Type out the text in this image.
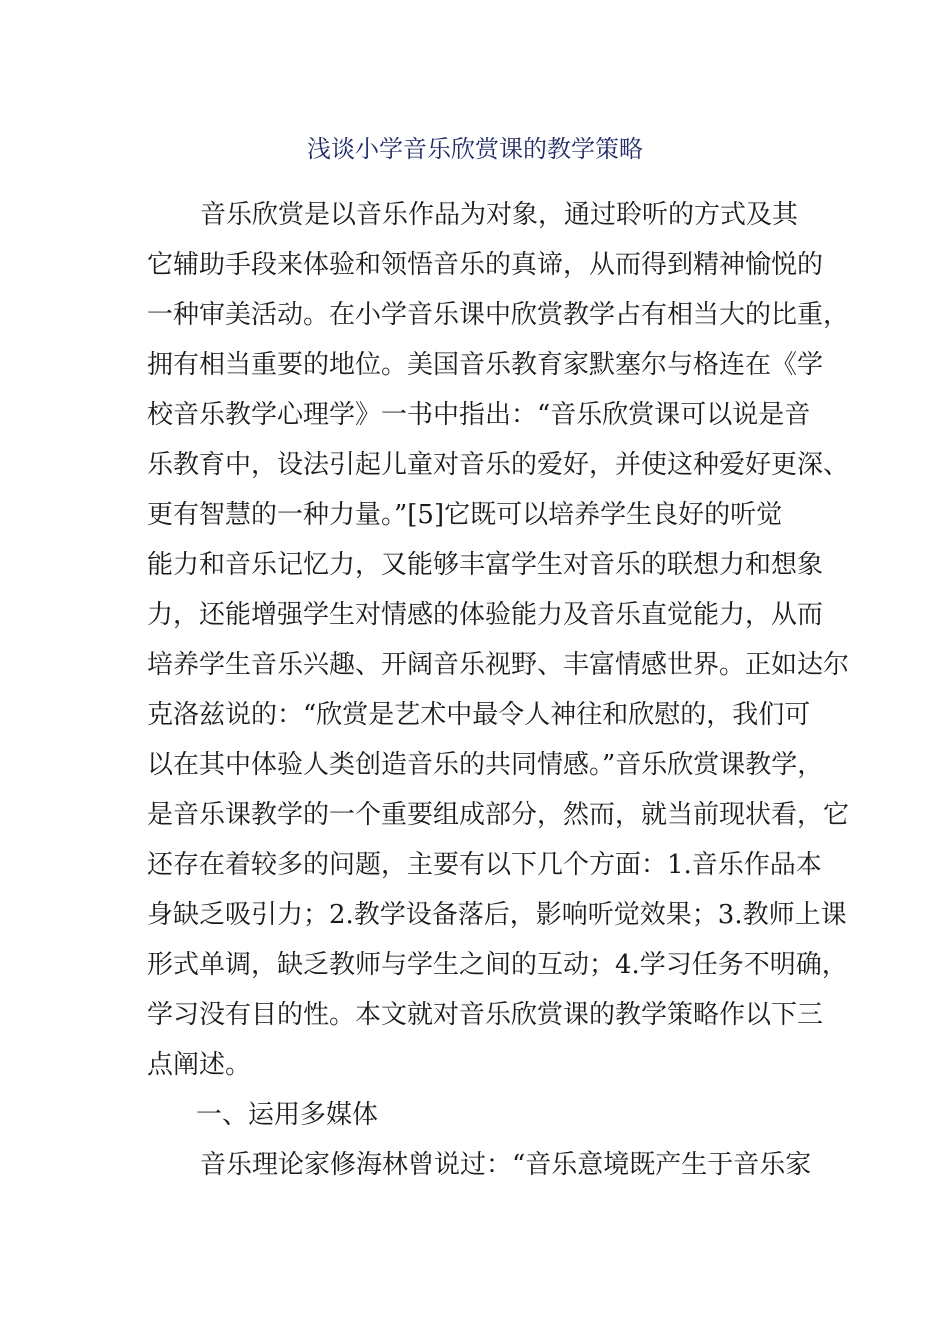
浅谈小学音乐欣赏课的教学策略

音乐欣赏是以音乐作品为对象，通过聆听的方式及其

它辅助手段来体验和领悟音乐的真谛，从而得到精神愉悦的

一种审美活动。在小学音乐课中欣赏教学占有相当大的比重，

拥有相当重要的地位。美国音乐教育家默塞尔与格连在《学

校音乐教学心理学》一书中指出：“音乐欣赏课可以说是音

乐教育中，设法引起儿童对音乐的爱好，并使这种爱好更深、

更有智慧的一种力量。”[5]它既可以培养学生良好的听觉

能力和音乐记忆力，又能够丰富学生对音乐的联想力和想象

力，还能增强学生对情感的体验能力及音乐直觉能力，从而

培养学生音乐兴趣、开阔音乐视野、丰富情感世界。正如达尔

克洛兹说的：“欣赏是艺术中最令人神往和欣慰的，我们可

以在其中体验人类创造音乐的共同情感。”音乐欣赏课教学，

是音乐课教学的一个重要组成部分，然而，就当前现状看，它

还存在着较多的问题，主要有以下几个方面：1.音乐作品本

身缺乏吸引力；2.教学设备落后，影响听觉效果；3.教师上课

形式单调，缺乏教师与学生之间的互动；4.学习任务不明确，

学习没有目的性。本文就对音乐欣赏课的教学策略作以下三

点阐述。

一、运用多媒体

音乐理论家修海林曾说过：“音乐意境既产生于音乐家
